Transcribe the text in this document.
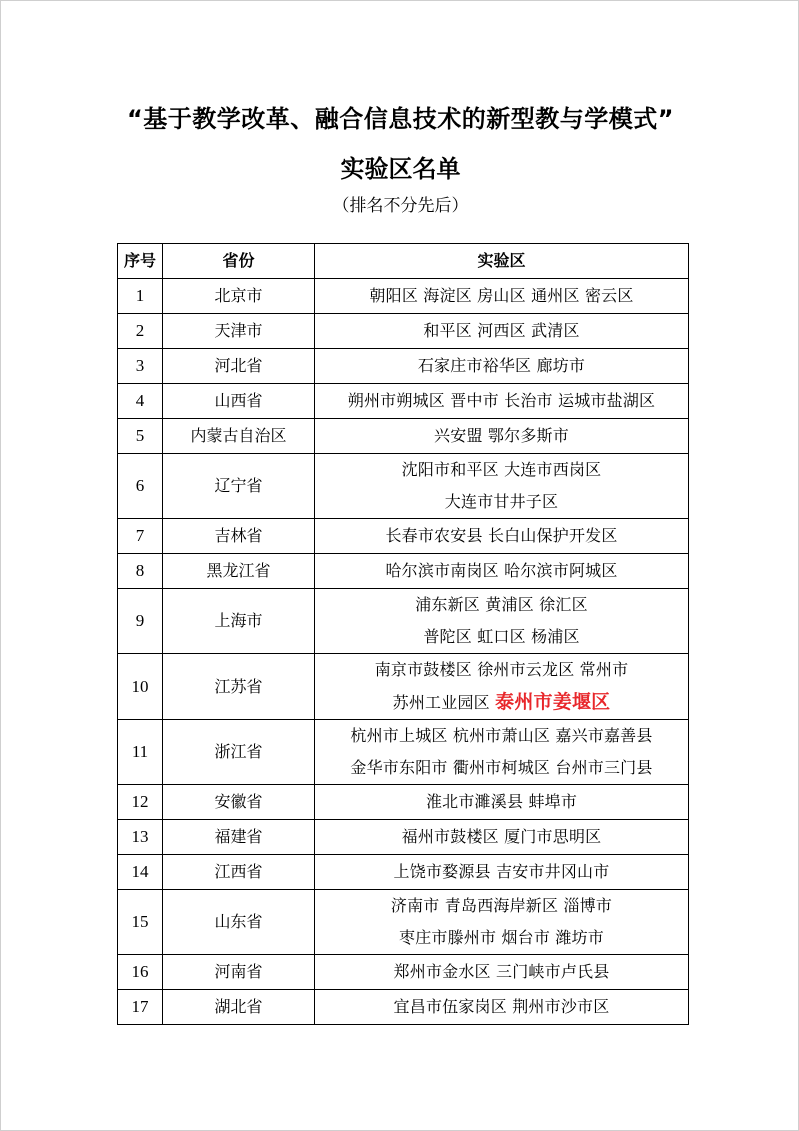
“基于教学改革、融合信息技术的新型教与学模式”
实验区名单
（排名不分先后）
序号	省份	实验区
1	北京市	朝阳区 海淀区 房山区 通州区 密云区

2	天津市	和平区 河西区 武清区

3	河北省	石家庄市裕华区 廊坊市

4	山西省	朔州市朔城区 晋中市 长治市 运城市盐湖区

5	内蒙古自治区	兴安盟 鄂尔多斯市

6	辽宁省	沈阳市和平区 大连市西岗区
大连市甘井子区

7	吉林省	长春市农安县 长白山保护开发区

8	黑龙江省	哈尔滨市南岗区 哈尔滨市阿城区

9	上海市	浦东新区 黄浦区 徐汇区
普陀区 虹口区 杨浦区

10	江苏省	南京市鼓楼区 徐州市云龙区 常州市
苏州工业园区 泰州市姜堰区

11	浙江省	杭州市上城区 杭州市萧山区 嘉兴市嘉善县
金华市东阳市 衢州市柯城区 台州市三门县

12	安徽省	淮北市濉溪县 蚌埠市

13	福建省	福州市鼓楼区 厦门市思明区

14	江西省	上饶市婺源县 吉安市井冈山市

15	山东省	济南市 青岛西海岸新区 淄博市
枣庄市滕州市 烟台市 潍坊市

16	河南省	郑州市金水区 三门峡市卢氏县

17	湖北省	宜昌市伍家岗区 荆州市沙市区
